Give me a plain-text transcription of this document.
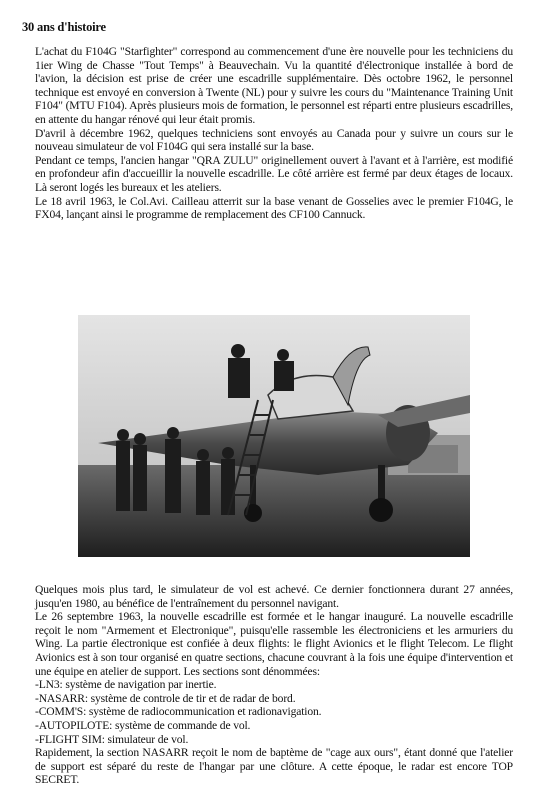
30 ans d'histoire

L'achat du F104G "Starfighter" correspond au commencement d'une ère nouvelle pour les techniciens du 1ier Wing de Chasse "Tout Temps" à Beauvechain. Vu la quantité d'électronique installée à bord de l'avion, la décision est prise de créer une escadrille supplémentaire. Dès octobre 1962, le personnel technique est envoyé en conversion à Twente (NL) pour y suivre les cours du "Maintenance Training Unit F104" (MTU F104). Après plusieurs mois de formation, le personnel est réparti entre plusieurs escadrilles, en attente du hangar rénové qui leur était promis.

D'avril à décembre 1962, quelques techniciens sont envoyés au Canada pour y suivre un cours sur le nouveau simulateur de vol F104G qui sera installé sur la base.

Pendant ce temps, l'ancien hangar "QRA ZULU" originellement ouvert à l'avant et à l'arrière, est modifié en profondeur afin d'accueillir la nouvelle escadrille. Le côté arrière est fermé par deux étages de locaux. Là seront logés les bureaux et les ateliers.

Le 18 avril 1963, le Col.Avi. Cailleau atterrit sur la base venant de Gosselies avec le premier F104G, le FX04, lançant ainsi le programme de remplacement des CF100 Cannuck.

Quelques mois plus tard, le simulateur de vol est achevé. Ce dernier fonctionnera durant 27 années, jusqu'en 1980, au bénéfice de l'entraînement du personnel navigant.

Le 26 septembre 1963, la nouvelle escadrille est formée et le hangar inauguré. La nouvelle escadrille reçoit le nom "Armement et Electronique", puisqu'elle rassemble les électroniciens et les armuriers du Wing. La partie électronique est confiée à deux flights: le flight Avionics et le flight Telecom. Le flight Avionics est à son tour organisé en quatre sections, chacune couvrant à la fois une équipe d'intervention et une équipe en atelier de support. Les sections sont dénommées:

-LN3: système de navigation par inertie.

-NASARR: système de controle de tir et de radar de bord.

-COMM'S: système de radiocommunication et radionavigation.

-AUTOPILOTE: système de commande de vol.

-FLIGHT SIM: simulateur de vol.

Rapidement, la section NASARR reçoit le nom de baptème de "cage aux ours", étant donné que l'atelier de support est séparé du reste de l'hangar par une clôture. A cette époque, le radar est encore TOP SECRET.
